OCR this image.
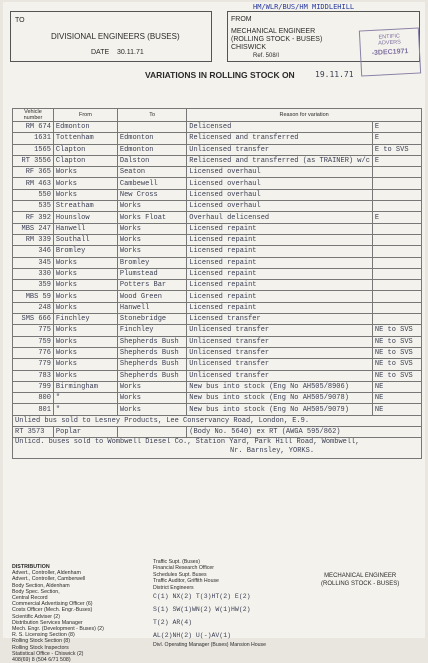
HM/WLR/BUS/HM MIDDLEHILL
TO
DIVISIONAL ENGINEERS (BUSES)
DATE 30.11.71
FROM
MECHANICAL ENGINEER
(ROLLING STOCK - BUSES)
CHISWICK
Ref. 508/I
ENTIFIC
ADVERS
-3DEC1971
VARIATIONS IN ROLLING STOCK ON	19.11.71
Vehicle number	From	To	Reason for variation	
RM 674	Edmonton		Delicensed	E
1631	Tottenham	Edmonton	Relicensed and transferred	E
1565	Clapton	Edmonton	Unlicensed transfer	E to SVS
RT 3556	Clapton	Dalston	Relicensed and transferred (as TRAINER) w/c	E
RF 365	Works	Seaton	Licensed overhaul	
RM 463	Works	Cambewell	Licensed overhaul	
550	Works	New Cross	Licensed overhaul	
535	Streatham	Works	Licensed overhaul	
RF 392	Hounslow	Works Float	Overhaul delicensed	E
MBS 247	Hanwell	Works	Licensed repaint	
RM 339	Southall	Works	Licensed repaint	
346	Bromley	Works	Licensed repaint	
345	Works	Bromley	Licensed repaint	
330	Works	Plumstead	Licensed repaint	
359	Works	Potters Bar	Licensed repaint	
MBS 59	Works	Wood Green	Licensed repaint	
248	Works	Hanwell	Licensed repaint	
SMS 666	Finchley	Stonebridge	Licensed transfer	
775	Works	Finchley	Unlicensed transfer	NE to SVS
759	Works	Shepherds Bush	Unlicensed transfer	NE to SVS
776	Works	Shepherds Bush	Unlicensed transfer	NE to SVS
779	Works	Shepherds Bush	Unlicensed transfer	NE to SVS
783	Works	Shepherds Bush	Unlicensed transfer	NE to SVS
799	Birmingham	Works	New bus into stock (Eng No AH505/8906)	NE
800	"	Works	New bus into stock (Eng No AH505/9078)	NE
801	"	Works	New bus into stock (Eng No AH505/9079)	NE
Unlied bus sold to Lesney Products, Lee Conservancy Road, London, E.9.				
RT 3573	Poplar		(Body No. 5640) ex RT (AWGA 595/862)	
Unlicd. buses sold to Wombwell Diesel Co., Station Yard, Park Hill Road, Wombwell,
Nr. Barnsley, YORKS.				
DISTRIBUTION
Advert., Controller, Aldenham
Advert., Controller, Camberwell
Body Section, Aldenham
Body Spec. Section,
Central Record
Commercial Advertising Officer (6)
Costs Officer (Mech. Engr.-Buses)
Scientific Adviser (2)
Distribution Services Manager
Mech. Engr. (Development - Buses) (2)
R. S. Licensing Section (8)
Rolling Stock Section (8)
Rolling Stock Inspectors
Statistical Office - Chiswick (2)
408(69) 8 (504 6/71 508)
Traffic Supt. (Buses)
Financial Research Officer
Schedules Supt. Buses
Traffic Auditor, Griffith House
District Engineers
C(1) NX(2) T(3)HT(2) E(2)
S(1) SW(1)WN(2) W(1)HW(2)
T(2) AR(4)
AL(2)NH(2) U(-)AV(1)
Divl. Operating Manager (Buses) Mansion House
MECHANICAL ENGINEER
(ROLLING STOCK - BUSES)
